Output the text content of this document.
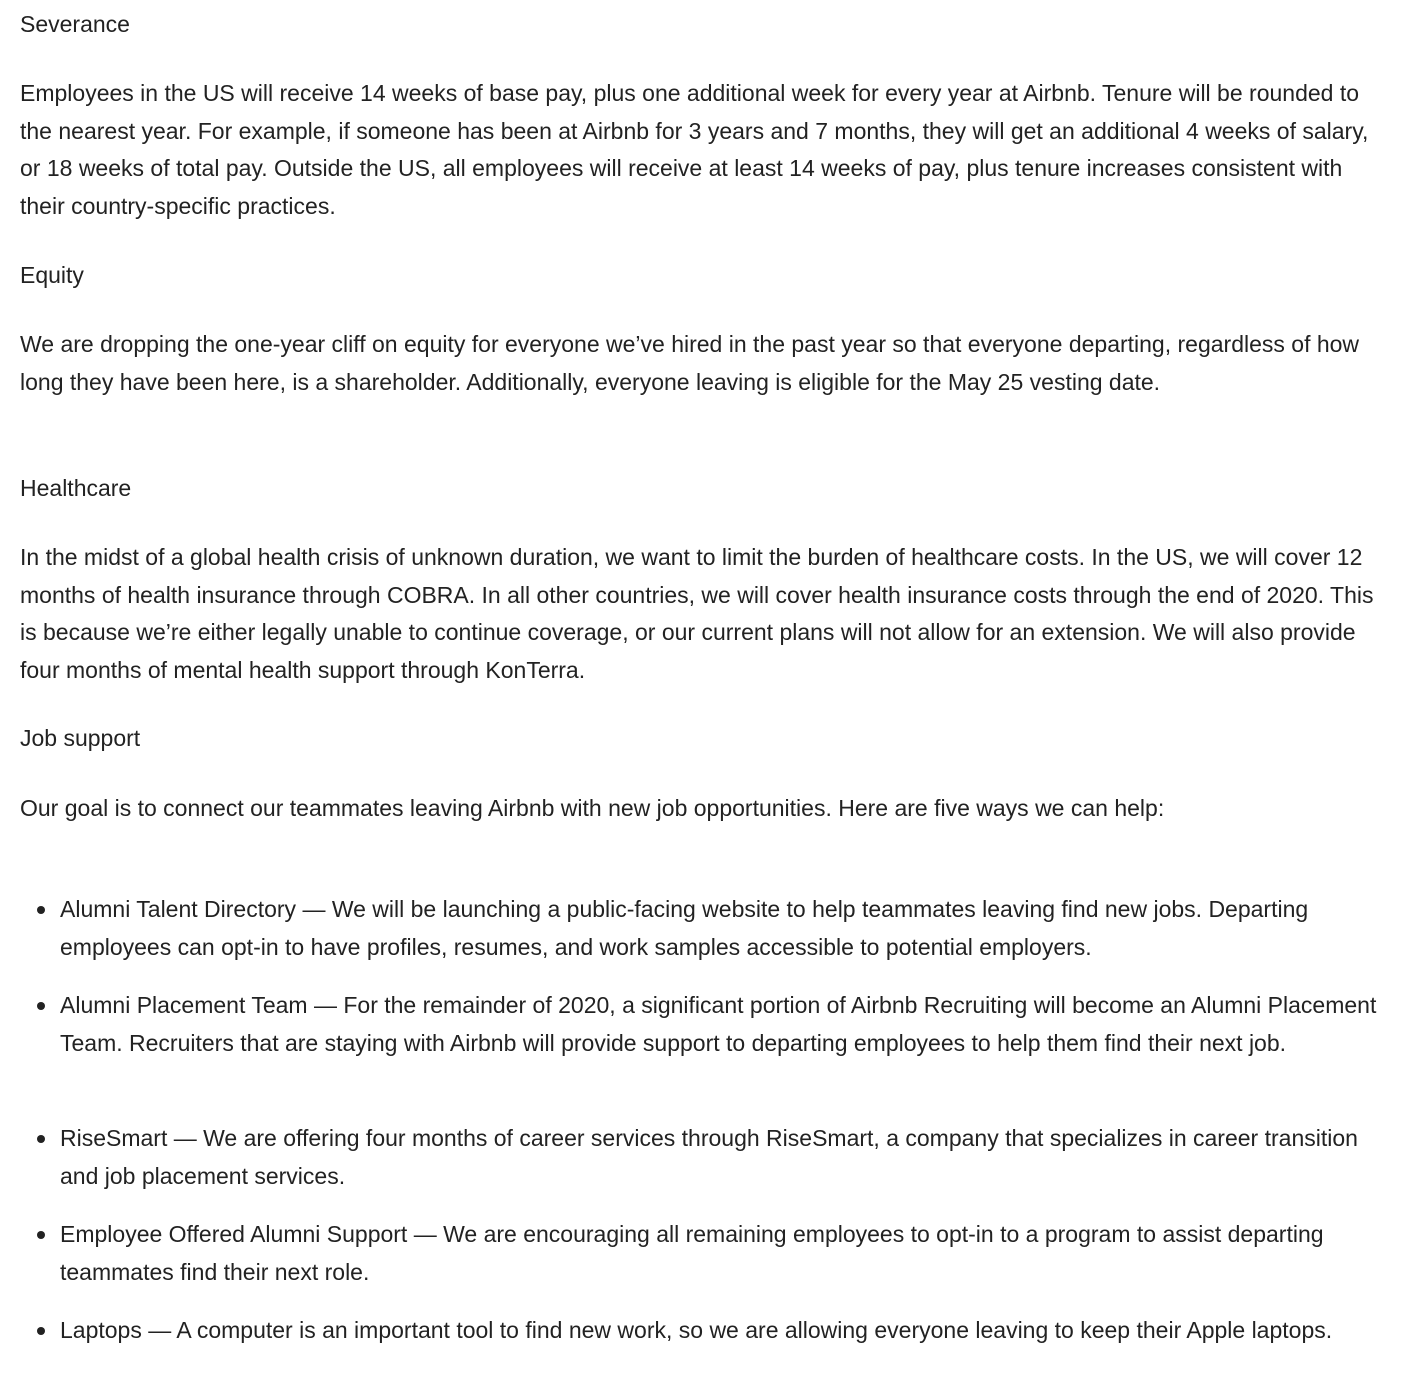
Severance

Employees in the US will receive 14 weeks of base pay, plus one additional week for every year at Airbnb. Tenure will be rounded to the nearest year. For example, if someone has been at Airbnb for 3 years and 7 months, they will get an additional 4 weeks of salary, or 18 weeks of total pay. Outside the US, all employees will receive at least 14 weeks of pay, plus tenure increases consistent with their country-specific practices.

Equity

We are dropping the one-year cliff on equity for everyone we’ve hired in the past year so that everyone departing, regardless of how long they have been here, is a shareholder. Additionally, everyone leaving is eligible for the May 25 vesting date.

Healthcare

In the midst of a global health crisis of unknown duration, we want to limit the burden of healthcare costs. In the US, we will cover 12 months of health insurance through COBRA. In all other countries, we will cover health insurance costs through the end of 2020. This is because we’re either legally unable to continue coverage, or our current plans will not allow for an extension. We will also provide four months of mental health support through KonTerra.

Job support

Our goal is to connect our teammates leaving Airbnb with new job opportunities. Here are five ways we can help:

Alumni Talent Directory — We will be launching a public-facing website to help teammates leaving find new jobs. Departing employees can opt-in to have profiles, resumes, and work samples accessible to potential employers.
Alumni Placement Team — For the remainder of 2020, a significant portion of Airbnb Recruiting will become an Alumni Placement Team. Recruiters that are staying with Airbnb will provide support to departing employees to help them find their next job.
RiseSmart — We are offering four months of career services through RiseSmart, a company that specializes in career transition and job placement services.
Employee Offered Alumni Support — We are encouraging all remaining employees to opt-in to a program to assist departing teammates find their next role.
Laptops — A computer is an important tool to find new work, so we are allowing everyone leaving to keep their Apple laptops.
